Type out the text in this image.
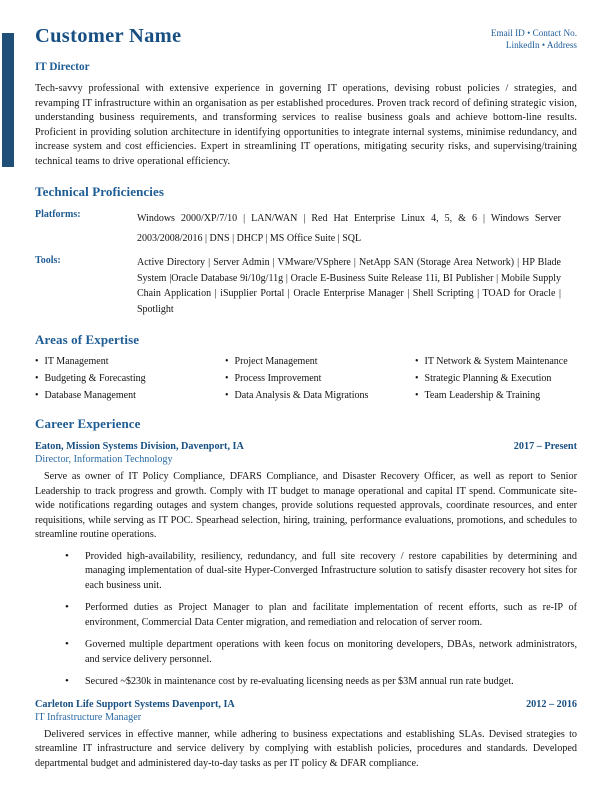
Customer Name	Email ID • Contact No.
LinkedIn • Address
IT Director

Tech-savvy professional with extensive experience in governing IT operations, devising robust policies / strategies, and revamping IT infrastructure within an organisation as per established procedures. Proven track record of defining strategic vision, understanding business requirements, and transforming services to realise business goals and achieve bottom-line results. Proficient in providing solution architecture in identifying opportunities to integrate internal systems, minimise redundancy, and increase system and cost efficiencies. Expert in streamlining IT operations, mitigating security risks, and supervising/training technical teams to drive operational efficiency.

Technical Proficiencies
Platforms:	Windows 2000/XP/7/10 | LAN/WAN | Red Hat Enterprise Linux 4, 5, & 6 | Windows Server 2003/2008/2016 | DNS | DHCP | MS Office Suite | SQL
Tools:	Active Directory | Server Admin | VMware/VSphere | NetApp SAN (Storage Area Network) | HP Blade System |Oracle Database 9i/10g/11g | Oracle E-Business Suite Release 11i, BI Publisher | Mobile Supply Chain Application | iSupplier Portal | Oracle Enterprise Manager | Shell Scripting | TOAD for Oracle | Spotlight
Areas of Expertise
• IT Management	• Project Management	• IT Network & System Maintenance
• Budgeting & Forecasting	• Process Improvement	• Strategic Planning & Execution
• Database Management	• Data Analysis & Data Migrations	• Team Leadership & Training
Career Experience
Eaton, Mission Systems Division, Davenport, IA	2017 – Present
Director, Information Technology

Serve as owner of IT Policy Compliance, DFARS Compliance, and Disaster Recovery Officer, as well as report to Senior Leadership to track progress and growth. Comply with IT budget to manage operational and capital IT spend. Communicate site-wide notifications regarding outages and system changes, provide solutions requested approvals, coordinate resources, and enter requisitions, while serving as IT POC. Spearhead selection, hiring, training, performance evaluations, promotions, and schedules to streamline routine operations.

• Provided high-availability, resiliency, redundancy, and full site recovery / restore capabilities by determining and managing implementation of dual-site Hyper-Converged Infrastructure solution to satisfy disaster recovery hot sites for each business unit.
• Performed duties as Project Manager to plan and facilitate implementation of recent efforts, such as re-IP of environment, Commercial Data Center migration, and remediation and relocation of server room.
• Governed multiple department operations with keen focus on monitoring developers, DBAs, network administrators, and service delivery personnel.
• Secured ~$230k in maintenance cost by re-evaluating licensing needs as per $3M annual run rate budget.
Carleton Life Support Systems Davenport, IA	2012 – 2016
IT Infrastructure Manager

Delivered services in effective manner, while adhering to business expectations and establishing SLAs. Devised strategies to streamline IT infrastructure and service delivery by complying with establish policies, procedures and standards. Developed departmental budget and administered day-to-day tasks as per IT policy & DFAR compliance.
